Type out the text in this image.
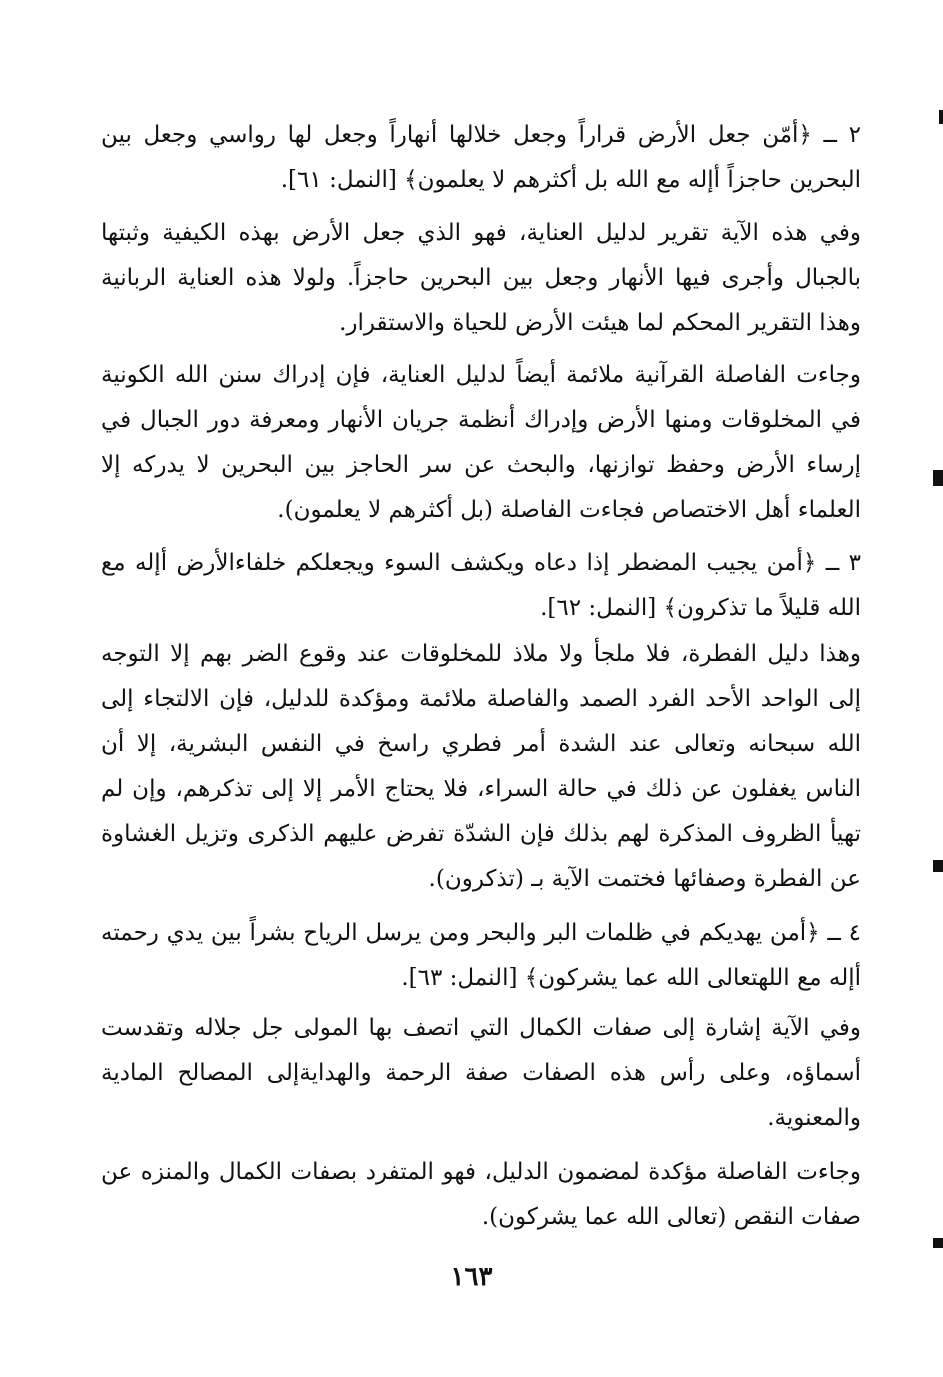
٢ ــ ﴿أمّن جعل الأرض قراراً وجعل خلالها أنهاراً وجعل لها رواسي وجعل بين البحرين حاجزاً أإله مع الله بل أكثرهم لا يعلمون﴾ [النمل: ٦١].

وفي هذه الآية تقرير لدليل العناية، فهو الذي جعل الأرض بهذه الكيفية وثبتها بالجبال وأجرى فيها الأنهار وجعل بين البحرين حاجزاً. ولولا هذه العناية الربانية وهذا التقرير المحكم لما هيئت الأرض للحياة والاستقرار.

وجاءت الفاصلة القرآنية ملائمة أيضاً لدليل العناية، فإن إدراك سنن الله الكونية في المخلوقات ومنها الأرض وإدراك أنظمة جريان الأنهار ومعرفة دور الجبال في إرساء الأرض وحفظ توازنها، والبحث عن سر الحاجز بين البحرين لا يدركه إلا العلماء أهل الاختصاص فجاءت الفاصلة (بل أكثرهم لا يعلمون).

٣ ــ ﴿أمن يجيب المضطر إذا دعاه ويكشف السوء ويجعلكم خلفاءالأرض أإله مع الله قليلاً ما تذكرون﴾ [النمل: ٦٢].

وهذا دليل الفطرة، فلا ملجأ ولا ملاذ للمخلوقات عند وقوع الضر بهم إلا التوجه إلى الواحد الأحد الفرد الصمد والفاصلة ملائمة ومؤكدة للدليل، فإن الالتجاء إلى الله سبحانه وتعالى عند الشدة أمر فطري راسخ في النفس البشرية، إلا أن الناس يغفلون عن ذلك في حالة السراء، فلا يحتاج الأمر إلا إلى تذكرهم، وإن لم تهيأ الظروف المذكرة لهم بذلك فإن الشدّة تفرض عليهم الذكرى وتزيل الغشاوة عن الفطرة وصفائها فختمت الآية بـ (تذكرون).

٤ ــ ﴿أمن يهديكم في ظلمات البر والبحر ومن يرسل الرياح بشراً بين يدي رحمته أإله مع اللهتعالى الله عما يشركون﴾ [النمل: ٦٣].

وفي الآية إشارة إلى صفات الكمال التي اتصف بها المولى جل جلاله وتقدست أسماؤه، وعلى رأس هذه الصفات صفة الرحمة والهدايةإلى المصالح المادية والمعنوية.

وجاءت الفاصلة مؤكدة لمضمون الدليل، فهو المتفرد بصفات الكمال والمنزه عن صفات النقص (تعالى الله عما يشركون).

١٦٣
